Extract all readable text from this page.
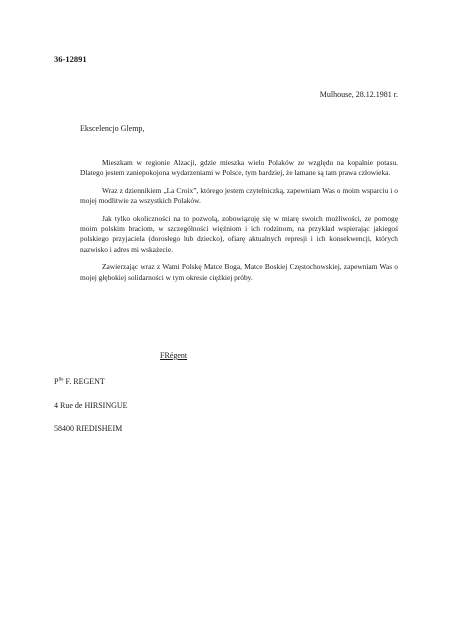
36-12891
Mulhouse, 28.12.1981 r.
Ekscelencjo Glemp,

Mieszkam w regionie Alzacji, gdzie mieszka wielu Polaków ze względu na kopalnie potasu. Dlatego jestem zaniepokojona wydarzeniami w Polsce, tym bardziej, że łamane są tam prawa człowieka.

Wraz z dziennikiem „La Croix”, którego jestem czytelniczką, zapewniam Was o moim wsparciu i o mojej modlitwie za wszystkich Polaków.

Jak tylko okoliczności na to pozwolą, zobowiązuję się w miarę swoich możliwości, ze pomogę moim polskim braciom, w szczególności więźniom i ich rodzinom, na przykład wspierając jakiegoś polskiego przyjaciela (dorosłego lub dziecko), ofiarę aktualnych represji i ich konsekwencji, których nazwisko i adres mi wskażecie.

Zawierzając wraz z Wami Polskę Matce Boga, Matce Boskiej Częstochowskiej, zapewniam Was o mojej głębokiej solidarności w tym okresie ciężkiej próby.

FRégent
$P^{lle}$ F. REGENT
4 Rue de HIRSINGUE
58400 RIEDISHEIM
